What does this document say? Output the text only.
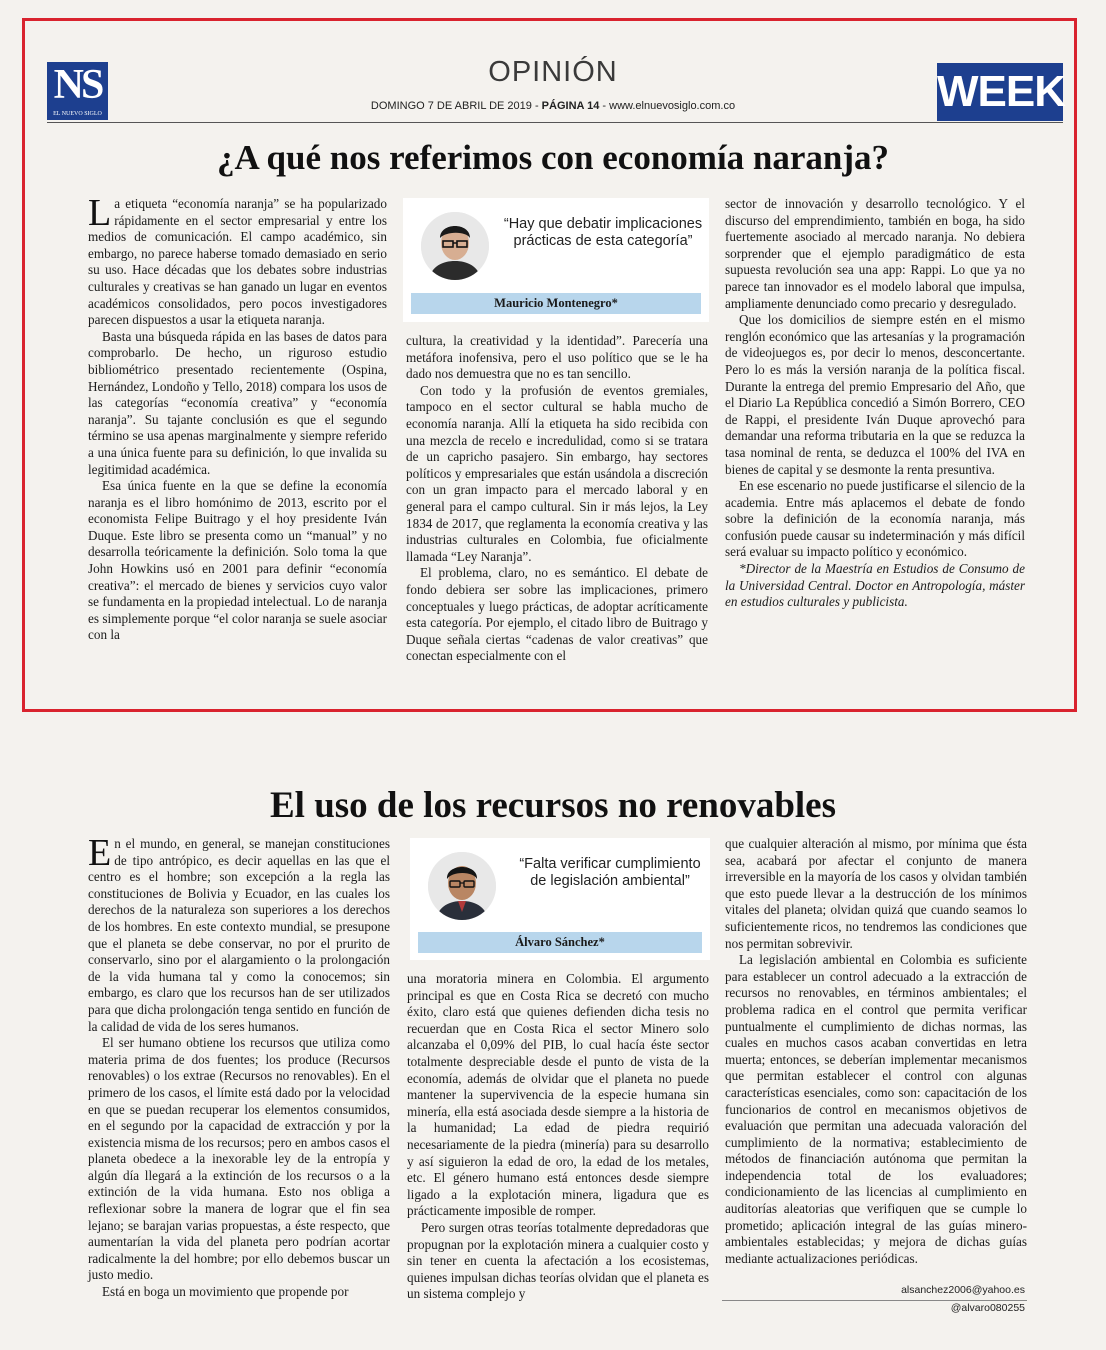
NS
EL NUEVO SIGLO
OPINIÓN
DOMINGO 7 DE ABRIL DE 2019 - PÁGINA 14 - www.elnuevosiglo.com.co	WEEK
¿A qué nos referimos con economía naranja?

La etiqueta “economía naranja” se ha popularizado rápidamente en el sector empresarial y entre los medios de comunicación. El campo académico, sin embargo, no parece haberse tomado demasiado en serio su uso. Hace décadas que los debates sobre industrias culturales y creativas se han ganado un lugar en eventos académicos consolidados, pero pocos investigadores parecen dispuestos a usar la etiqueta naranja.

Basta una búsqueda rápida en las bases de datos para comprobarlo. De hecho, un riguroso estudio bibliométrico presentado recientemente (Ospina, Hernández, Londoño y Tello, 2018) compara los usos de las categorías “economía creativa” y “economía naranja”. Su tajante conclusión es que el segundo término se usa apenas marginalmente y siempre referido a una única fuente para su definición, lo que invalida su legitimidad académica.

Esa única fuente en la que se define la economía naranja es el libro homónimo de 2013, escrito por el economista Felipe Buitrago y el hoy presidente Iván Duque. Este libro se presenta como un “manual” y no desarrolla teóricamente la definición. Solo toma la que John Howkins usó en 2001 para definir “economía creativa”: el mercado de bienes y servicios cuyo valor se fundamenta en la propiedad intelectual. Lo de naranja es simplemente porque “el color naranja se suele asociar con la

“Hay que debatir implicaciones prácticas de esta categoría”
Mauricio Montenegro*

cultura, la creatividad y la identidad”. Parecería una metáfora inofensiva, pero el uso político que se le ha dado nos demuestra que no es tan sencillo.

Con todo y la profusión de eventos gremiales, tampoco en el sector cultural se habla mucho de economía naranja. Allí la etiqueta ha sido recibida con una mezcla de recelo e incredulidad, como si se tratara de un capricho pasajero. Sin embargo, hay sectores políticos y empresariales que están usándola a discreción con un gran impacto para el mercado laboral y en general para el campo cultural. Sin ir más lejos, la Ley 1834 de 2017, que reglamenta la economía creativa y las industrias culturales en Colombia, fue oficialmente llamada “Ley Naranja”.

El problema, claro, no es semántico. El debate de fondo debiera ser sobre las implicaciones, primero conceptuales y luego prácticas, de adoptar acríticamente esta categoría. Por ejemplo, el citado libro de Buitrago y Duque señala ciertas “cadenas de valor creativas” que conectan especialmente con el

sector de innovación y desarrollo tecnológico. Y el discurso del emprendimiento, también en boga, ha sido fuertemente asociado al mercado naranja. No debiera sorprender que el ejemplo paradigmático de esta supuesta revolución sea una app: Rappi. Lo que ya no parece tan innovador es el modelo laboral que impulsa, ampliamente denunciado como precario y desregulado.

Que los domicilios de siempre estén en el mismo renglón económico que las artesanías y la programación de videojuegos es, por decir lo menos, desconcertante. Pero lo es más la versión naranja de la política fiscal. Durante la entrega del premio Empresario del Año, que el Diario La República concedió a Simón Borrero, CEO de Rappi, el presidente Iván Duque aprovechó para demandar una reforma tributaria en la que se reduzca la tasa nominal de renta, se deduzca el 100% del IVA en bienes de capital y se desmonte la renta presuntiva.

En ese escenario no puede justificarse el silencio de la academia. Entre más aplacemos el debate de fondo sobre la definición de la economía naranja, más confusión puede causar su indeterminación y más difícil será evaluar su impacto político y económico.

*Director de la Maestría en Estudios de Consumo de la Universidad Central. Doctor en Antropología, máster en estudios culturales y publicista.

El uso de los recursos no renovables

En el mundo, en general, se manejan constituciones de tipo antrópico, es decir aquellas en las que el centro es el hombre; son excepción a la regla las constituciones de Bolivia y Ecuador, en las cuales los derechos de la naturaleza son superiores a los derechos de los hombres. En este contexto mundial, se presupone que el planeta se debe conservar, no por el prurito de conservarlo, sino por el alargamiento o la prolongación de la vida humana tal y como la conocemos; sin embargo, es claro que los recursos han de ser utilizados para que dicha prolongación tenga sentido en función de la calidad de vida de los seres humanos.

El ser humano obtiene los recursos que utiliza como materia prima de dos fuentes; los produce (Recursos renovables) o los extrae (Recursos no renovables). En el primero de los casos, el límite está dado por la velocidad en que se puedan recuperar los elementos consumidos, en el segundo por la capacidad de extracción y por la existencia misma de los recursos; pero en ambos casos el planeta obedece a la inexorable ley de la entropía y algún día llegará a la extinción de los recursos o a la extinción de la vida humana. Esto nos obliga a reflexionar sobre la manera de lograr que el fin sea lejano; se barajan varias propuestas, a éste respecto, que aumentarían la vida del planeta pero podrían acortar radicalmente la del hombre; por ello debemos buscar un justo medio.

Está en boga un movimiento que propende por

“Falta verificar cumplimiento de legislación ambiental”
Álvaro Sánchez*

una moratoria minera en Colombia. El argumento principal es que en Costa Rica se decretó con mucho éxito, claro está que quienes defienden dicha tesis no recuerdan que en Costa Rica el sector Minero solo alcanzaba el 0,09% del PIB, lo cual hacía éste sector totalmente despreciable desde el punto de vista de la economía, además de olvidar que el planeta no puede mantener la supervivencia de la especie humana sin minería, ella está asociada desde siempre a la historia de la humanidad; La edad de piedra requirió necesariamente de la piedra (minería) para su desarrollo y así siguieron la edad de oro, la edad de los metales, etc. El género humano está entonces desde siempre ligado a la explotación minera, ligadura que es prácticamente imposible de romper.

Pero surgen otras teorías totalmente depredadoras que propugnan por la explotación minera a cualquier costo y sin tener en cuenta la afectación a los ecosistemas, quienes impulsan dichas teorías olvidan que el planeta es un sistema complejo y

que cualquier alteración al mismo, por mínima que ésta sea, acabará por afectar el conjunto de manera irreversible en la mayoría de los casos y olvidan también que esto puede llevar a la destrucción de los mínimos vitales del planeta; olvidan quizá que cuando seamos lo suficientemente ricos, no tendremos las condiciones que nos permitan sobrevivir.

La legislación ambiental en Colombia es suficiente para establecer un control adecuado a la extracción de recursos no renovables, en términos ambientales; el problema radica en el control que permita verificar puntualmente el cumplimiento de dichas normas, las cuales en muchos casos acaban convertidas en letra muerta; entonces, se deberían implementar mecanismos que permitan establecer el control con algunas características esenciales, como son: capacitación de los funcionarios de control en mecanismos objetivos de evaluación que permitan una adecuada valoración del cumplimiento de la normativa; establecimiento de métodos de financiación autónoma que permitan la independencia total de los evaluadores; condicionamiento de las licencias al cumplimiento en auditorías aleatorias que verifiquen que se cumple lo prometido; aplicación integral de las guías minero-ambientales establecidas; y mejora de dichas guías mediante actualizaciones periódicas.

alsanchez2006@yahoo.es
@alvaro080255
